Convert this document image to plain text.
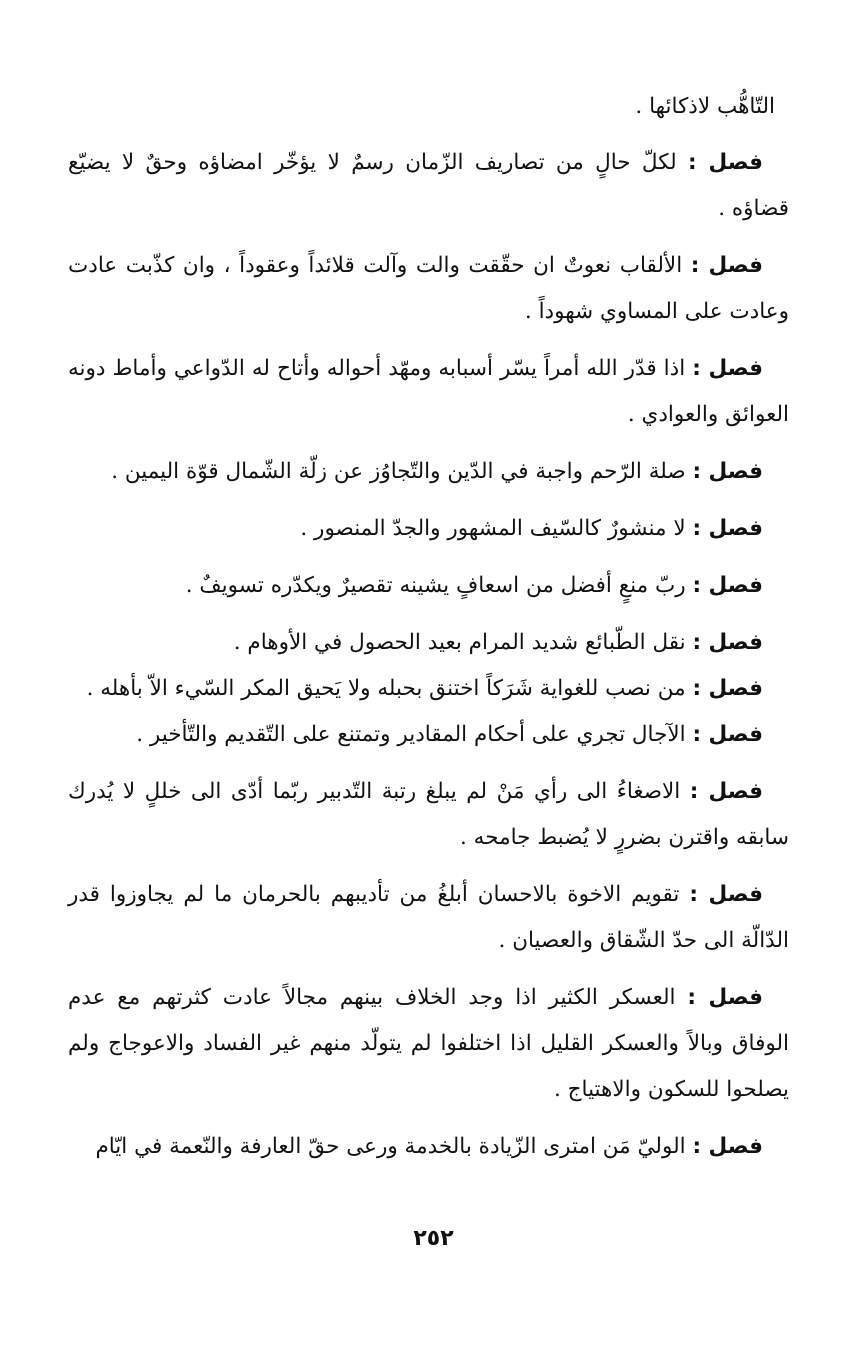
التّاهُّب لاذكائها .

فصل : لكلّ حالٍ من تصاريف الزّمان رسمٌ لا يؤخّر امضاؤه وحقٌ لا يضيّع قضاؤه .

فصل : الألقاب نعوتٌ ان حقّقت والت وآلت قلائداً وعقوداً ، وان كذّبت عادت وعادت على المساوي شهوداً .

فصل : اذا قدّر الله أمراً يسّر أسبابه ومهّد أحواله وأتاح له الدّواعي وأماط دونه العوائق والعوادي .

فصل : صلة الرّحم واجبة في الدّين والتّجاوُز عن زلّة الشّمال قوّة اليمين .

فصل : لا منشورٌ كالسّيف المشهور والجدّ المنصور .

فصل : ربّ منعٍ أفضل من اسعافٍ يشينه تقصيرٌ ويكدّره تسويفٌ .

فصل : نقل الطّبائع شديد المرام بعيد الحصول في الأوهام .

فصل : من نصب للغواية شَرَكاً اختنق بحبله ولا يَحيق المكر السّيء الاّ بأهله .

فصل : الآجال تجري على أحكام المقادير وتمتنع على التّقديم والتّأخير .

فصل : الاصغاءُ الى رأي مَنْ لم يبلغ رتبة التّدبير ربّما أدّى الى خللٍ لا يُدرك سابقه واقترن بضررٍ لا يُضبط جامحه .

فصل : تقويم الاخوة بالاحسان أبلغُ من تأديبهم بالحرمان ما لم يجاوزوا قدر الدّالّة الى حدّ الشّقاق والعصيان .

فصل : العسكر الكثير اذا وجد الخلاف بينهم مجالاً عادت كثرتهم مع عدم الوفاق وبالاً والعسكر القليل اذا اختلفوا لم يتولّد منهم غير الفساد والاعوجاج ولم يصلحوا للسكون والاهتياج .

فصل : الوليّ مَن امترى الزّيادة بالخدمة ورعى حقّ العارفة والنّعمة في ايّام

٢٥٢
